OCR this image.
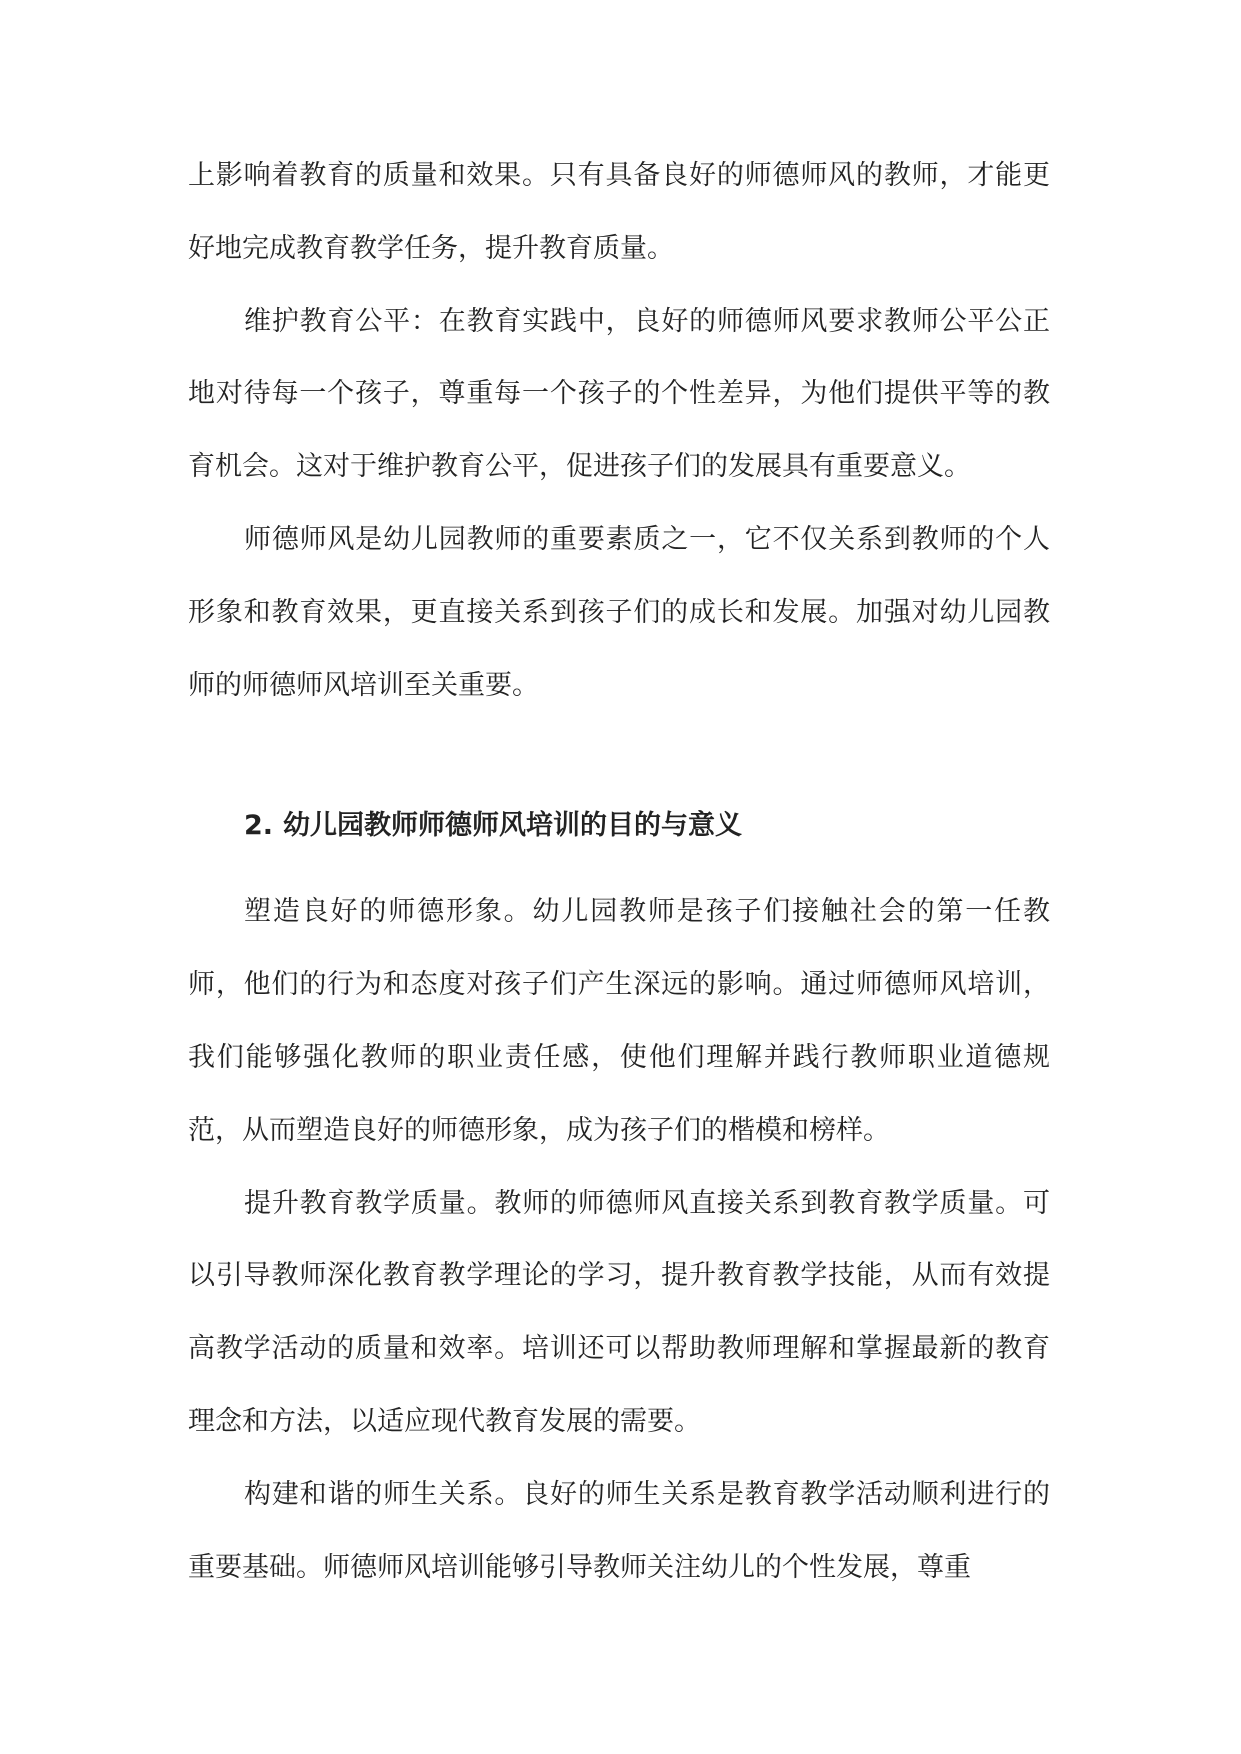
上影响着教育的质量和效果。只有具备良好的师德师风的教师，才能更好地完成教育教学任务，提升教育质量。

维护教育公平：在教育实践中，良好的师德师风要求教师公平公正地对待每一个孩子，尊重每一个孩子的个性差异，为他们提供平等的教育机会。这对于维护教育公平，促进孩子们的发展具有重要意义。

师德师风是幼儿园教师的重要素质之一，它不仅关系到教师的个人形象和教育效果，更直接关系到孩子们的成长和发展。加强对幼儿园教师的师德师风培训至关重要。

2. 幼儿园教师师德师风培训的目的与意义

塑造良好的师德形象。幼儿园教师是孩子们接触社会的第一任教师，他们的行为和态度对孩子们产生深远的影响。通过师德师风培训，我们能够强化教师的职业责任感，使他们理解并践行教师职业道德规范，从而塑造良好的师德形象，成为孩子们的楷模和榜样。

提升教育教学质量。教师的师德师风直接关系到教育教学质量。可以引导教师深化教育教学理论的学习，提升教育教学技能，从而有效提高教学活动的质量和效率。培训还可以帮助教师理解和掌握最新的教育理念和方法，以适应现代教育发展的需要。

构建和谐的师生关系。良好的师生关系是教育教学活动顺利进行的重要基础。师德师风培训能够引导教师关注幼儿的个性发展，尊重
